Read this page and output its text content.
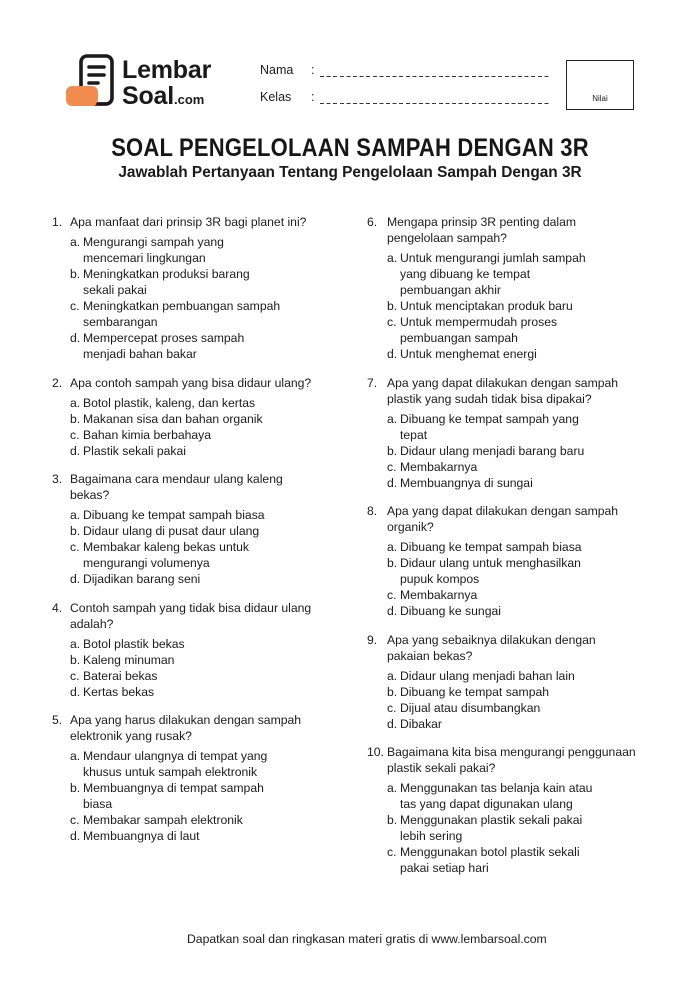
Lembar
Soal.com
Nama :
Kelas :	Nilai
SOAL PENGELOLAAN SAMPAH DENGAN 3R
Jawablah Pertanyaan Tentang Pengelolaan Sampah Dengan 3R
1. Apa manfaat dari prinsip 3R bagi planet ini?
a. Mengurangi sampah yang
mencemari lingkungan
b. Meningkatkan produksi barang
sekali pakai
c. Meningkatkan pembuangan sampah
sembarangan
d. Mempercepat proses sampah
menjadi bahan bakar
2. Apa contoh sampah yang bisa didaur ulang?
a. Botol plastik, kaleng, dan kertas
b. Makanan sisa dan bahan organik
c. Bahan kimia berbahaya
d. Plastik sekali pakai
3. Bagaimana cara mendaur ulang kaleng
bekas?
a. Dibuang ke tempat sampah biasa
b. Didaur ulang di pusat daur ulang
c. Membakar kaleng bekas untuk
mengurangi volumenya
d. Dijadikan barang seni
4. Contoh sampah yang tidak bisa didaur ulang
adalah?
a. Botol plastik bekas
b. Kaleng minuman
c. Baterai bekas
d. Kertas bekas
5. Apa yang harus dilakukan dengan sampah
elektronik yang rusak?
a. Mendaur ulangnya di tempat yang
khusus untuk sampah elektronik
b. Membuangnya di tempat sampah
biasa
c. Membakar sampah elektronik
d. Membuangnya di laut
6. Mengapa prinsip 3R penting dalam
pengelolaan sampah?
a. Untuk mengurangi jumlah sampah
yang dibuang ke tempat
pembuangan akhir
b. Untuk menciptakan produk baru
c. Untuk mempermudah proses
pembuangan sampah
d. Untuk menghemat energi
7. Apa yang dapat dilakukan dengan sampah
plastik yang sudah tidak bisa dipakai?
a. Dibuang ke tempat sampah yang
tepat
b. Didaur ulang menjadi barang baru
c. Membakarnya
d. Membuangnya di sungai
8. Apa yang dapat dilakukan dengan sampah
organik?
a. Dibuang ke tempat sampah biasa
b. Didaur ulang untuk menghasilkan
pupuk kompos
c. Membakarnya
d. Dibuang ke sungai
9. Apa yang sebaiknya dilakukan dengan
pakaian bekas?
a. Didaur ulang menjadi bahan lain
b. Dibuang ke tempat sampah
c. Dijual atau disumbangkan
d. Dibakar
10. Bagaimana kita bisa mengurangi penggunaan
plastik sekali pakai?
a. Menggunakan tas belanja kain atau
tas yang dapat digunakan ulang
b. Menggunakan plastik sekali pakai
lebih sering
c. Menggunakan botol plastik sekali
pakai setiap hari
Dapatkan soal dan ringkasan materi gratis di www.lembarsoal.com
